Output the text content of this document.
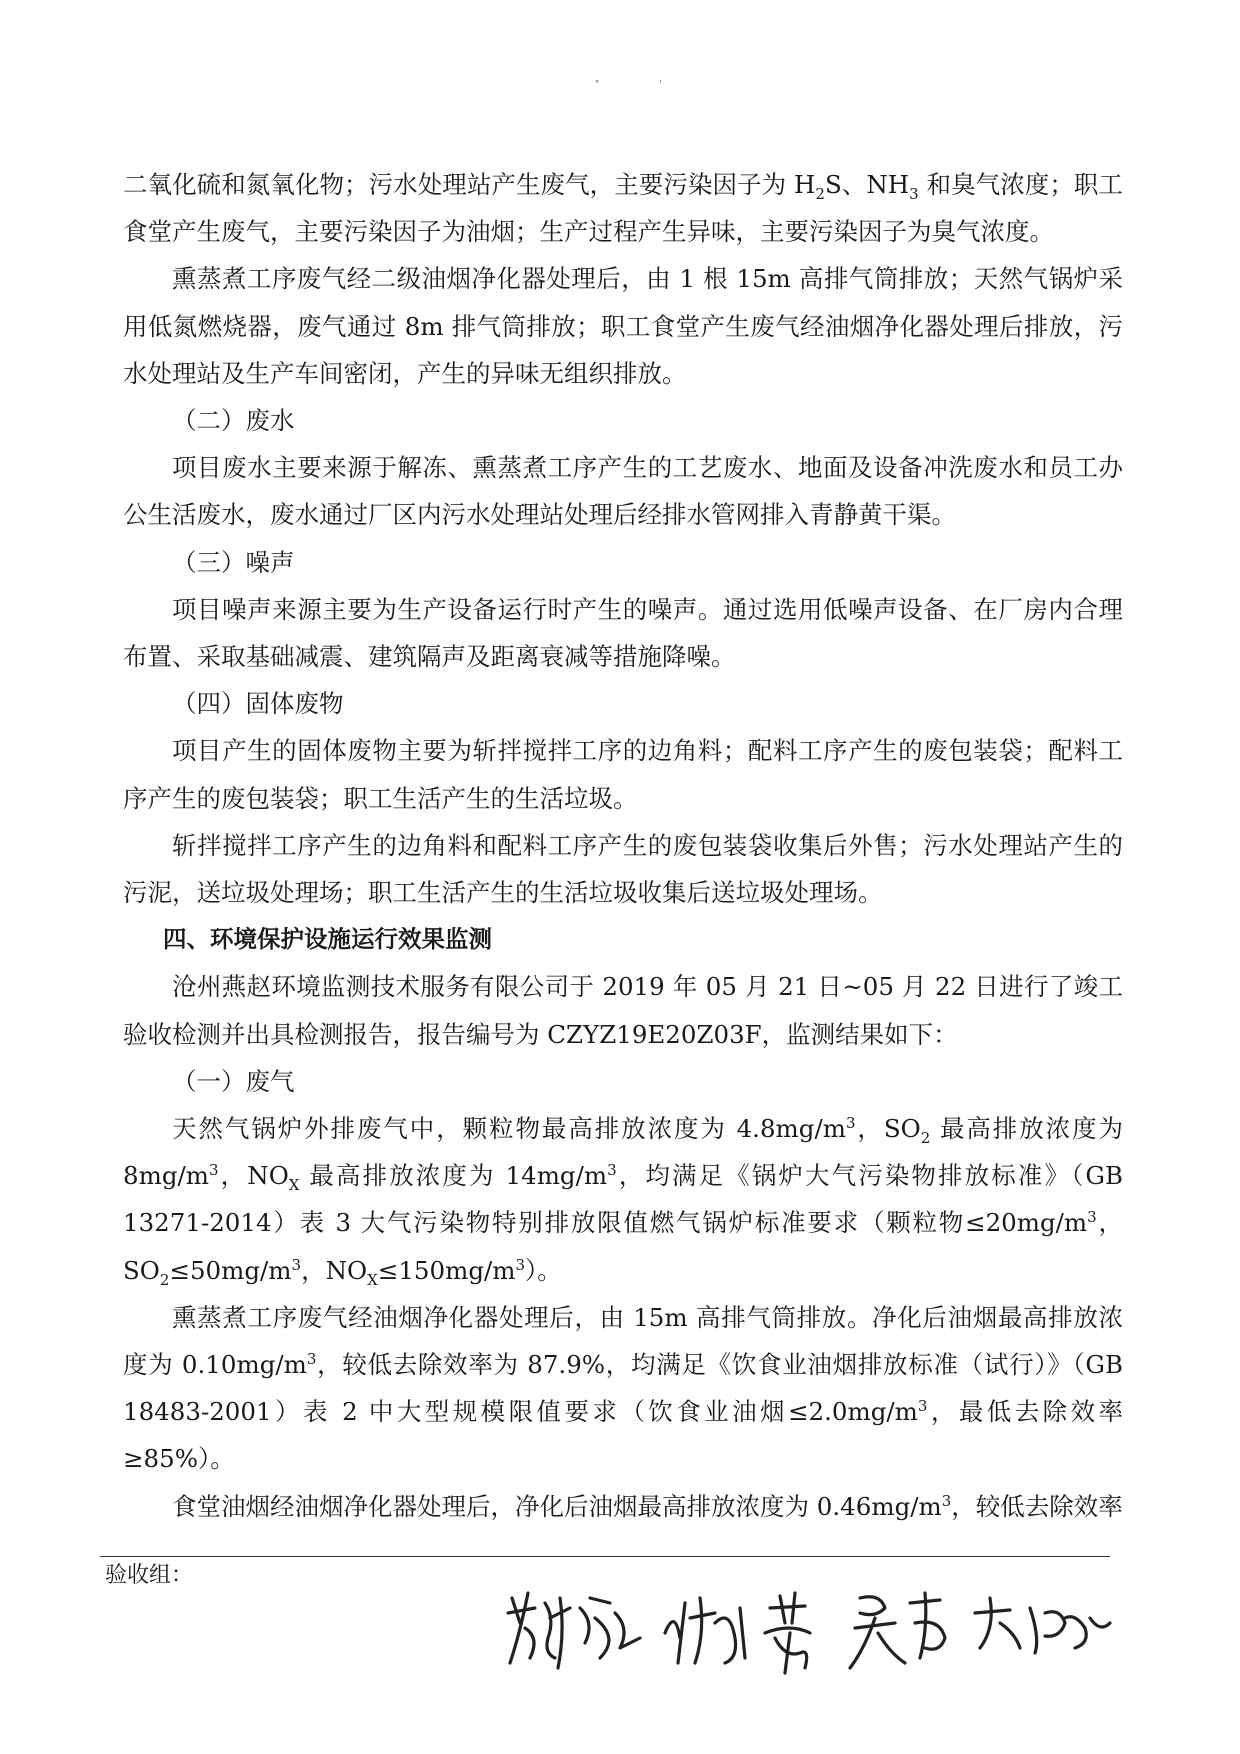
"'

二氧化硫和氮氧化物；污水处理站产生废气，主要污染因子为 $H_2S$、$NH_3$ 和臭气浓度；职工食堂产生废气，主要污染因子为油烟；生产过程产生异味，主要污染因子为臭气浓度。

熏蒸煮工序废气经二级油烟净化器处理后，由 1 根 15m 高排气筒排放；天然气锅炉采用低氮燃烧器，废气通过 8m 排气筒排放；职工食堂产生废气经油烟净化器处理后排放，污水处理站及生产车间密闭，产生的异味无组织排放。

（二）废水

项目废水主要来源于解冻、熏蒸煮工序产生的工艺废水、地面及设备冲洗废水和员工办公生活废水，废水通过厂区内污水处理站处理后经排水管网排入青静黄干渠。

（三）噪声

项目噪声来源主要为生产设备运行时产生的噪声。通过选用低噪声设备、在厂房内合理布置、采取基础减震、建筑隔声及距离衰减等措施降噪。

（四）固体废物

项目产生的固体废物主要为斩拌搅拌工序的边角料；配料工序产生的废包装袋；配料工序产生的废包装袋；职工生活产生的生活垃圾。

斩拌搅拌工序产生的边角料和配料工序产生的废包装袋收集后外售；污水处理站产生的污泥，送垃圾处理场；职工生活产生的生活垃圾收集后送垃圾处理场。

四、环境保护设施运行效果监测

沧州燕赵环境监测技术服务有限公司于 2019 年 05 月 21 日~05 月 22 日进行了竣工验收检测并出具检测报告，报告编号为 CZYZ19E20Z03F，监测结果如下：

（一）废气

天然气锅炉外排废气中，颗粒物最高排放浓度为 $4.8mg/m^3$，$SO_2$ 最高排放浓度为 $8mg/m^3$，$NO_X$ 最高排放浓度为 $14mg/m^3$，均满足《锅炉大气污染物排放标准》（GB 13271-2014）表 3 大气污染物特别排放限值燃气锅炉标准要求（颗粒物$\le 20mg/m^3$，$SO_2\le 50mg/m^3$，$NO_X\le 150mg/m^3$）。

熏蒸煮工序废气经油烟净化器处理后，由 15m 高排气筒排放。净化后油烟最高排放浓度为 $0.10mg/m^3$，较低去除效率为 87.9%，均满足《饮食业油烟排放标准（试行）》（GB 18483-2001）表 2 中大型规模限值要求（饮食业油烟$\le 2.0mg/m^3$，最低去除效率≥85%）。

食堂油烟经油烟净化器处理后，净化后油烟最高排放浓度为 $0.46mg/m^3$，较低去除效率

验收组：
